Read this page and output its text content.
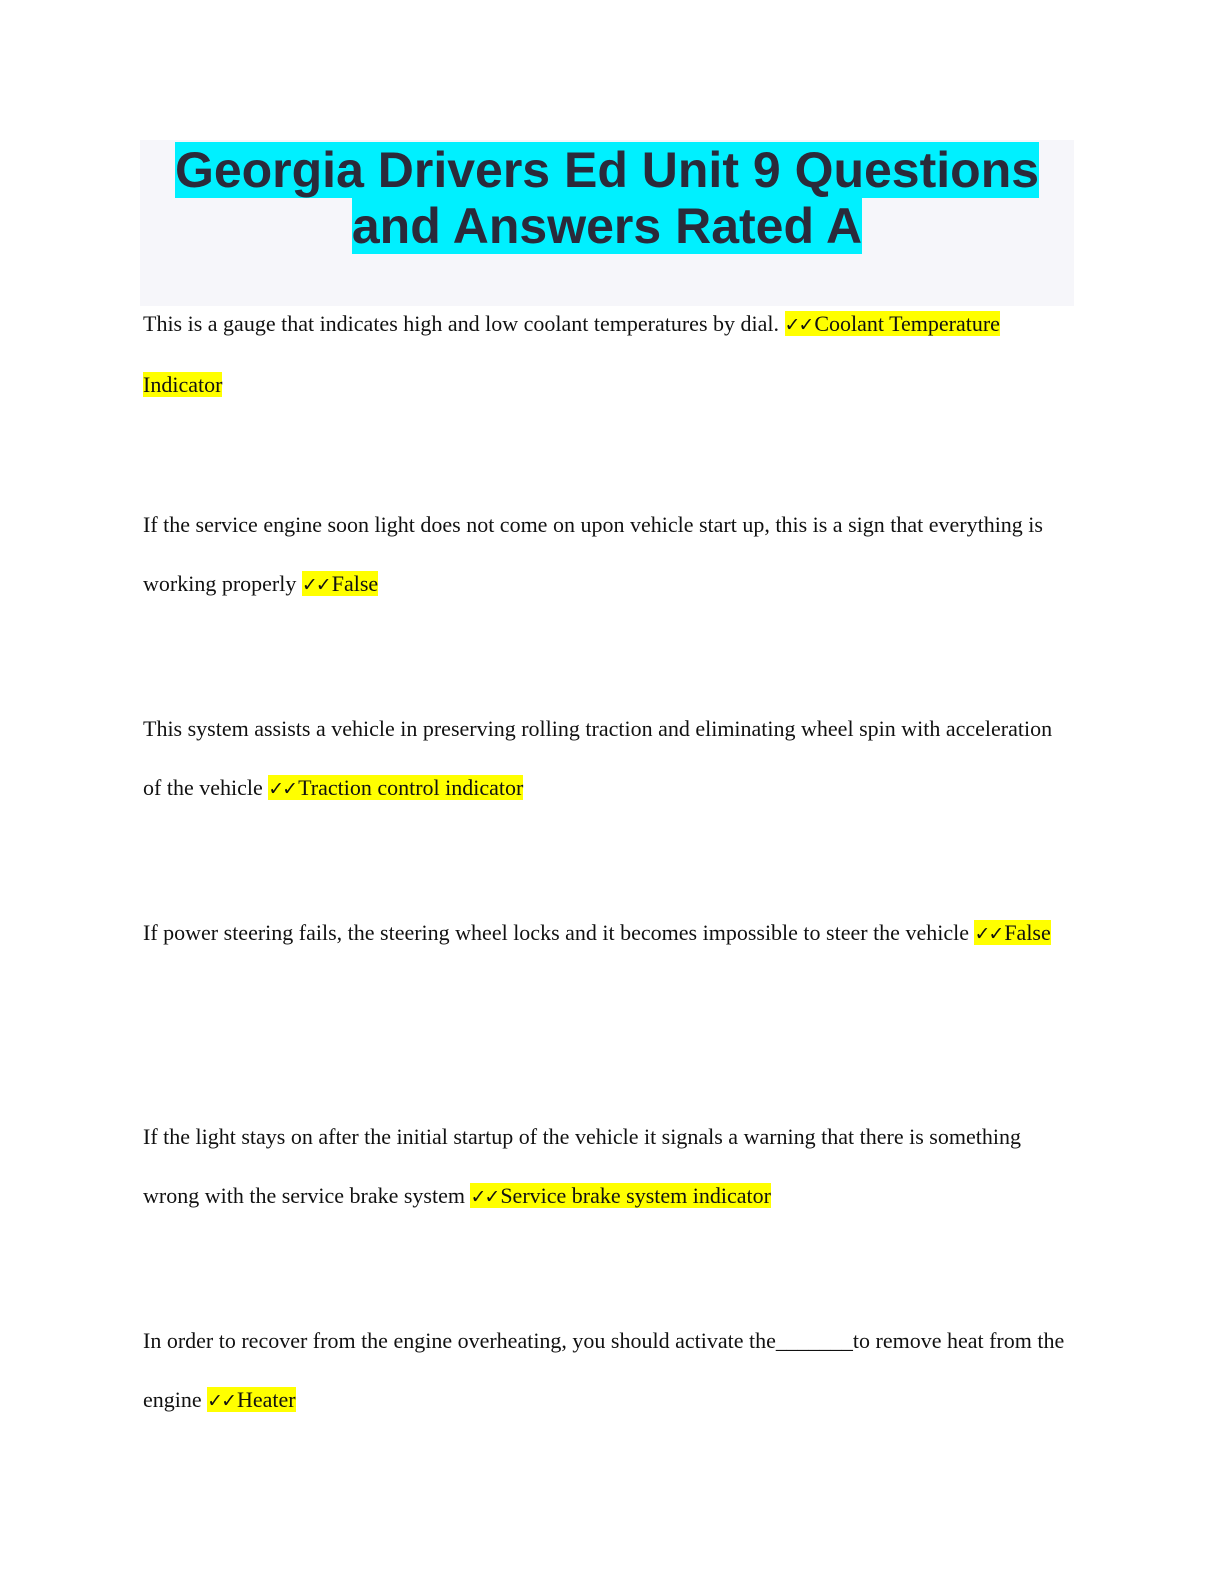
Georgia Drivers Ed Unit 9 Questions and Answers Rated A

This is a gauge that indicates high and low coolant temperatures by dial. ✓✓Coolant Temperature Indicator

If the service engine soon light does not come on upon vehicle start up, this is a sign that everything is working properly ✓✓False

This system assists a vehicle in preserving rolling traction and eliminating wheel spin with acceleration of the vehicle ✓✓Traction control indicator

If power steering fails, the steering wheel locks and it becomes impossible to steer the vehicle ✓✓False

If the light stays on after the initial startup of the vehicle it signals a warning that there is something wrong with the service brake system ✓✓Service brake system indicator

In order to recover from the engine overheating, you should activate the_______to remove heat from the engine ✓✓Heater
